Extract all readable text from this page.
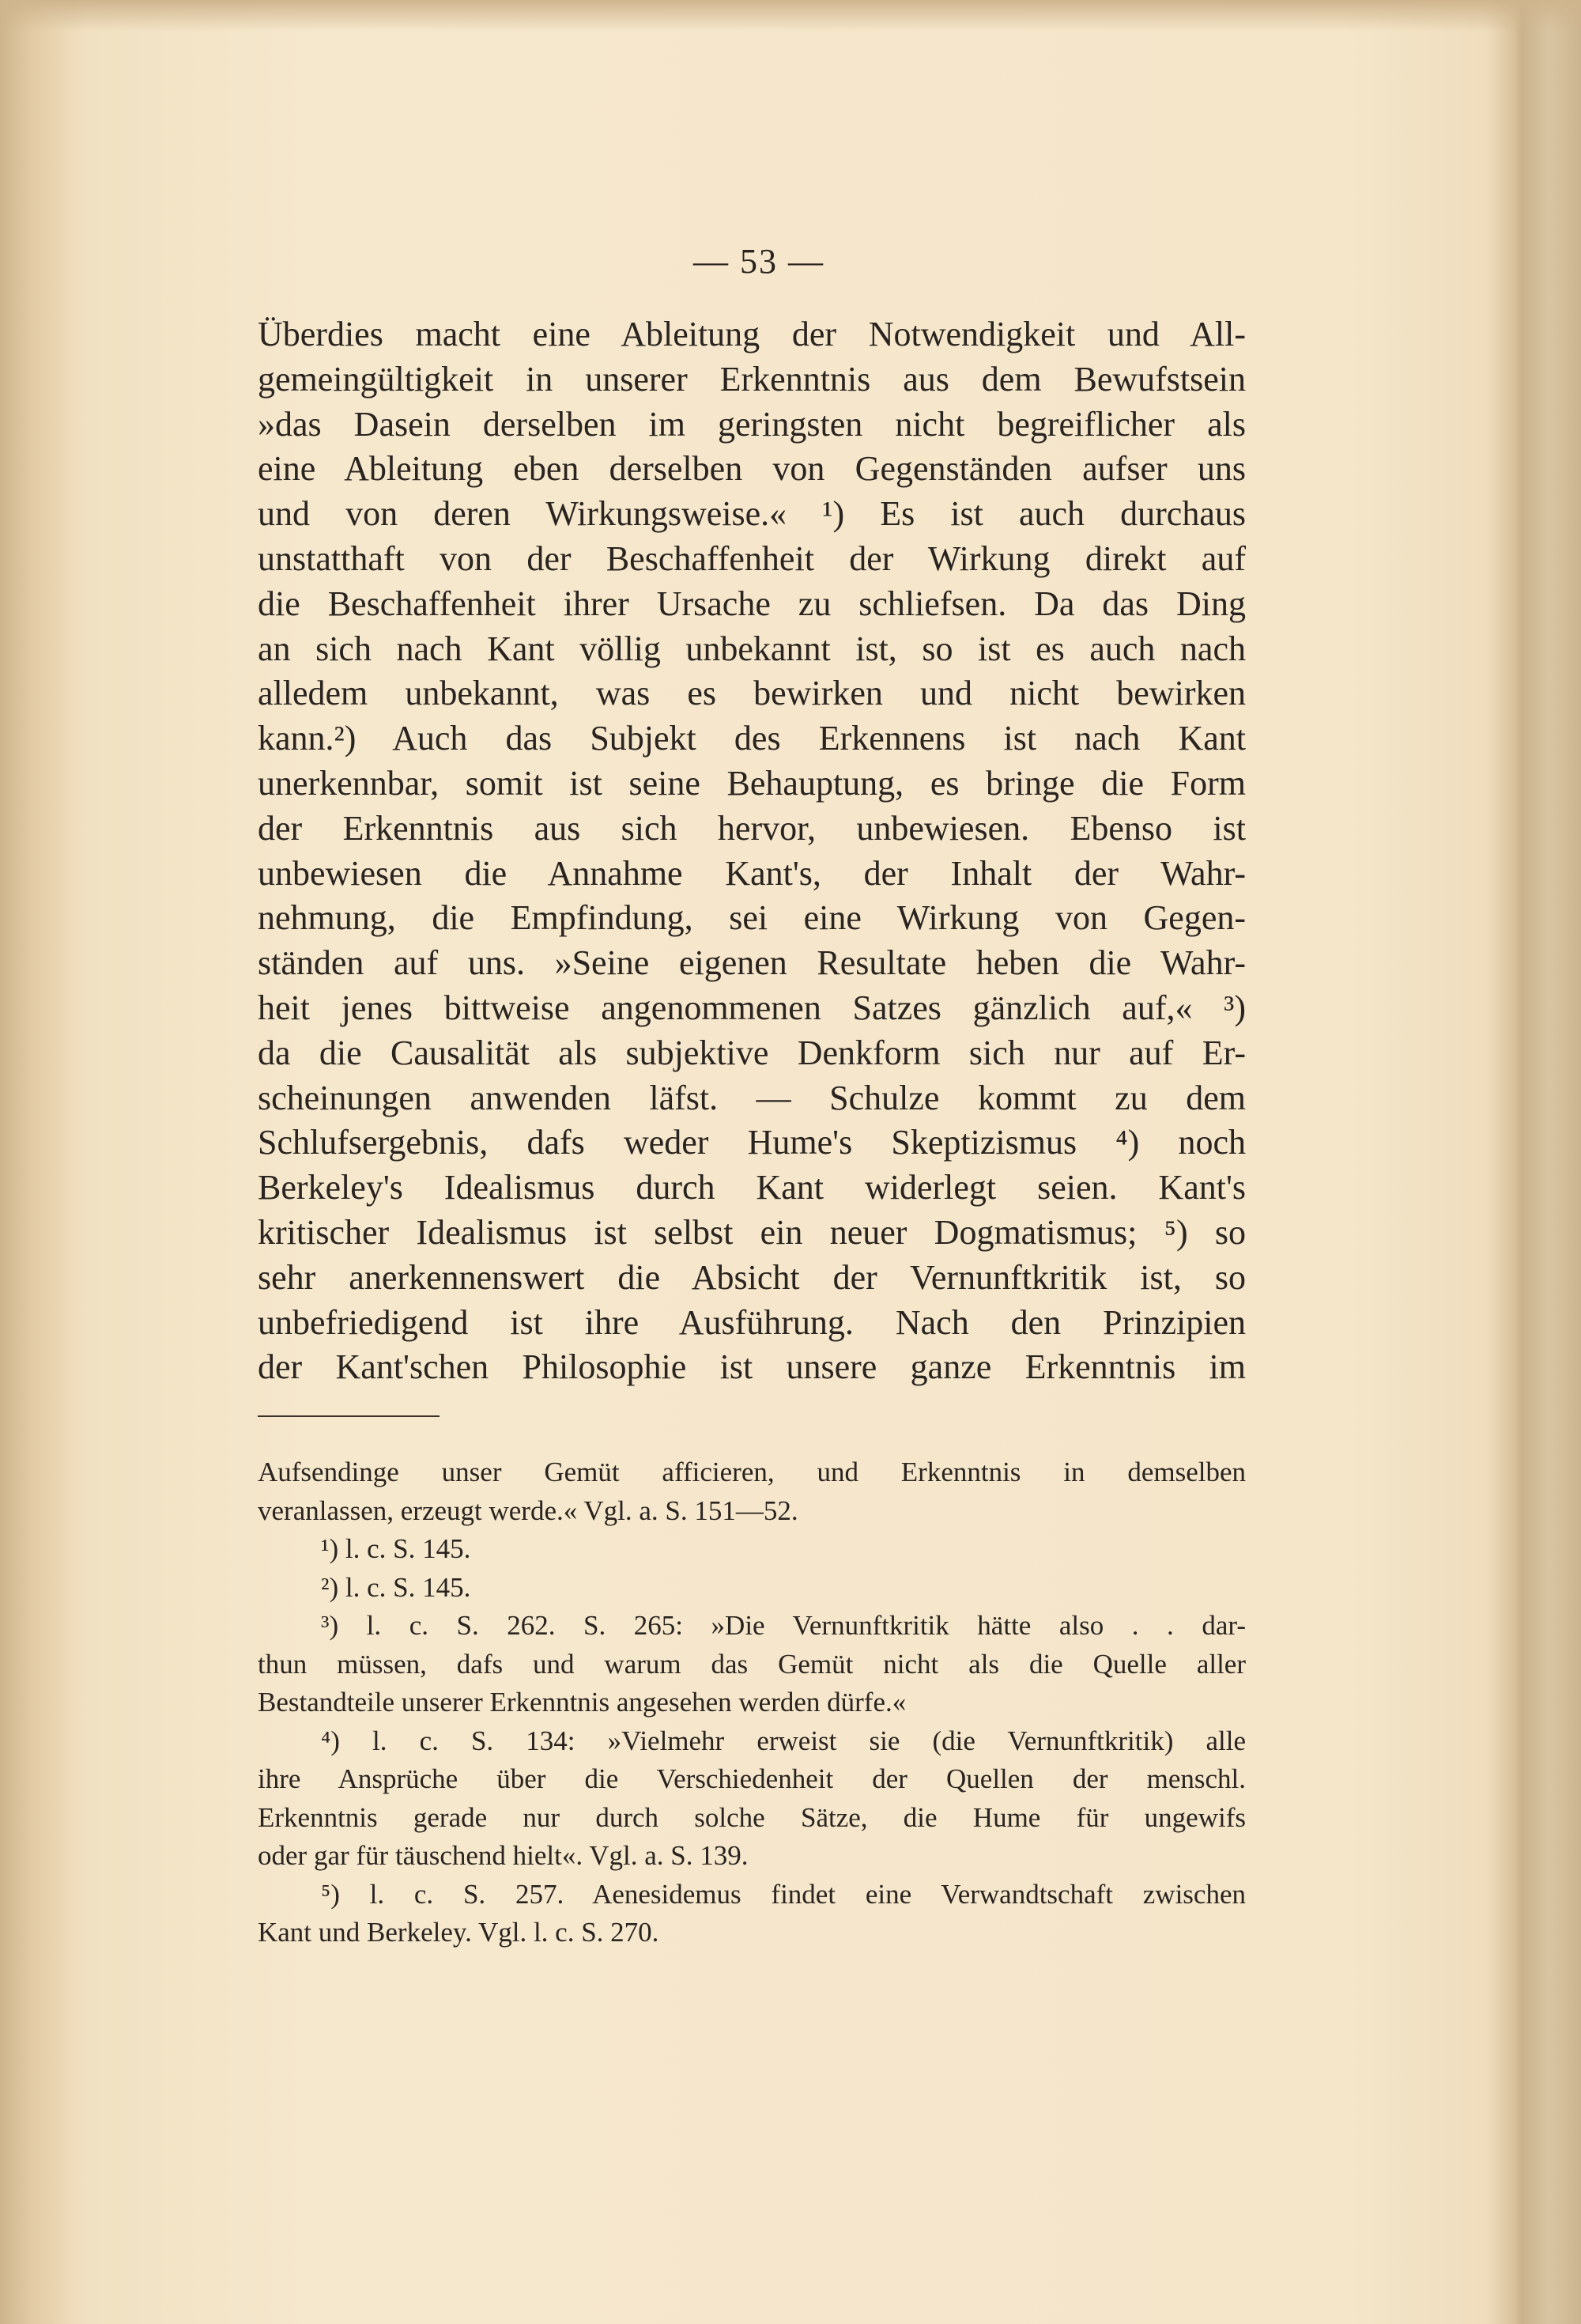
— 53 —
Überdies macht eine Ableitung der Notwendigkeit und All-
gemeingültigkeit in unserer Erkenntnis aus dem Bewufstsein
»das Dasein derselben im geringsten nicht begreiflicher als
eine Ableitung eben derselben von Gegenständen aufser uns
und von deren Wirkungsweise.« ¹) Es ist auch durchaus
unstatthaft von der Beschaffenheit der Wirkung direkt auf
die Beschaffenheit ihrer Ursache zu schliefsen. Da das Ding
an sich nach Kant völlig unbekannt ist, so ist es auch nach
alledem unbekannt, was es bewirken und nicht bewirken
kann.²) Auch das Subjekt des Erkennens ist nach Kant
unerkennbar, somit ist seine Behauptung, es bringe die Form
der Erkenntnis aus sich hervor, unbewiesen. Ebenso ist
unbewiesen die Annahme Kant's, der Inhalt der Wahr-
nehmung, die Empfindung, sei eine Wirkung von Gegen-
ständen auf uns. »Seine eigenen Resultate heben die Wahr-
heit jenes bittweise angenommenen Satzes gänzlich auf,« ³)
da die Causalität als subjektive Denkform sich nur auf Er-
scheinungen anwenden läfst. — Schulze kommt zu dem
Schlufsergebnis, dafs weder Hume's Skeptizismus ⁴) noch
Berkeley's Idealismus durch Kant widerlegt seien. Kant's
kritischer Idealismus ist selbst ein neuer Dogmatismus; ⁵) so
sehr anerkennenswert die Absicht der Vernunftkritik ist, so
unbefriedigend ist ihre Ausführung. Nach den Prinzipien
der Kant'schen Philosophie ist unsere ganze Erkenntnis im
Aufsendinge unser Gemüt afficieren, und Erkenntnis in demselben
veranlassen, erzeugt werde.« Vgl. a. S. 151—52.
¹) l. c. S. 145.
²) l. c. S. 145.
³) l. c. S. 262. S. 265: »Die Vernunftkritik hätte also . . dar-
thun müssen, dafs und warum das Gemüt nicht als die Quelle aller
Bestandteile unserer Erkenntnis angesehen werden dürfe.«
⁴) l. c. S. 134: »Vielmehr erweist sie (die Vernunftkritik) alle
ihre Ansprüche über die Verschiedenheit der Quellen der menschl.
Erkenntnis gerade nur durch solche Sätze, die Hume für ungewifs
oder gar für täuschend hielt«. Vgl. a. S. 139.
⁵) l. c. S. 257. Aenesidemus findet eine Verwandtschaft zwischen
Kant und Berkeley. Vgl. l. c. S. 270.
